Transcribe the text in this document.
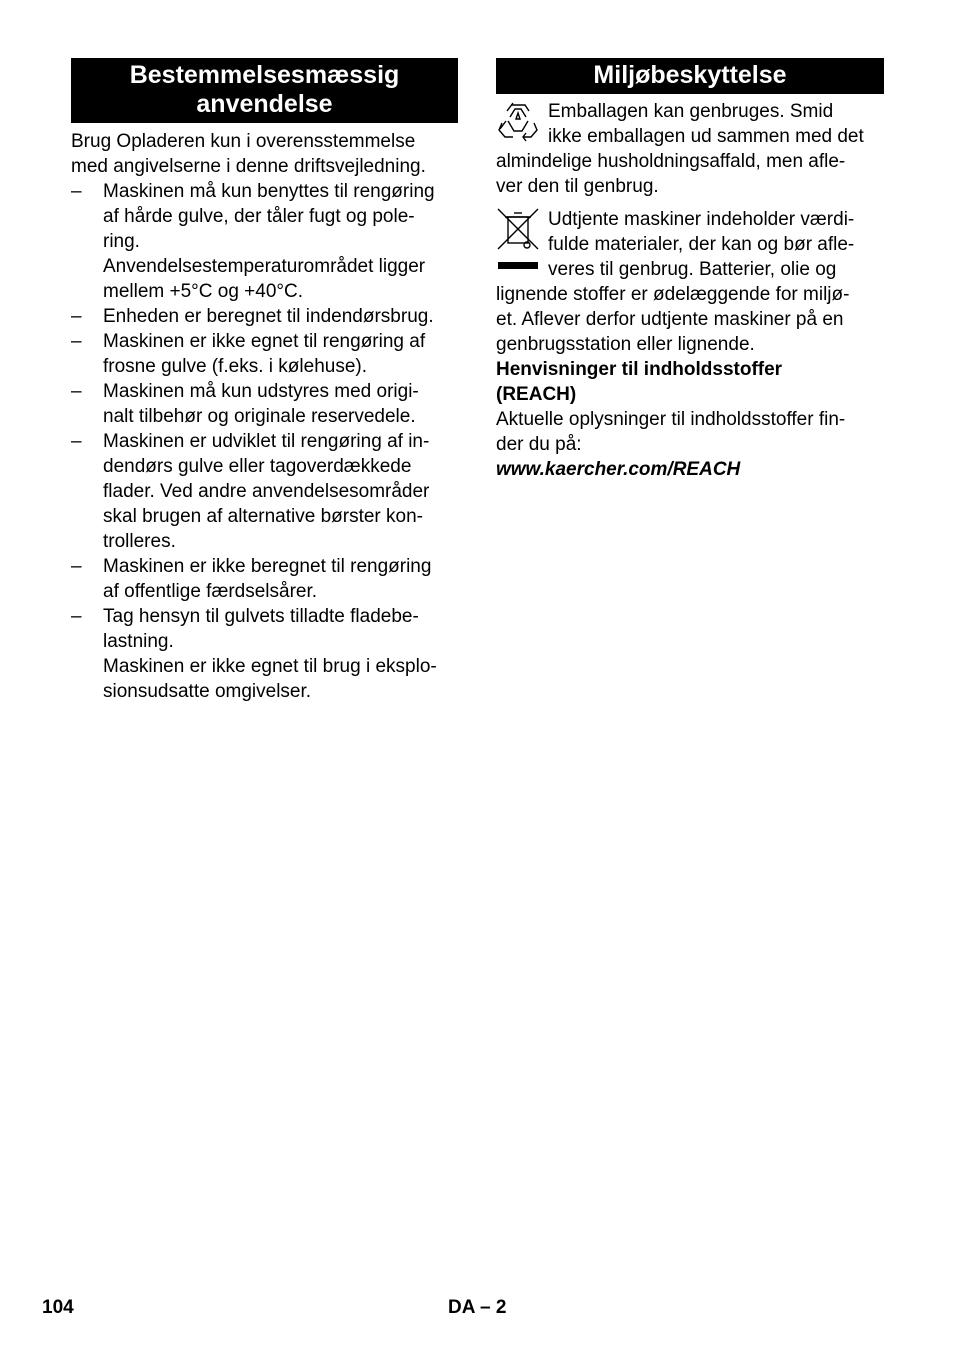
Bestemmelsesmæssig
anvendelse
Brug Opladeren kun i overensstemmelse
med angivelserne i denne driftsvejledning.
– Maskinen må kun benyttes til rengøring
af hårde gulve, der tåler fugt og pole-
ring.
Anvendelsestemperaturområdet ligger
mellem +5°C og +40°C.
– Enheden er beregnet til indendørsbrug.
– Maskinen er ikke egnet til rengøring af
frosne gulve (f.eks. i kølehuse).
– Maskinen må kun udstyres med origi-
nalt tilbehør og originale reservedele.
– Maskinen er udviklet til rengøring af in-
dendørs gulve eller tagoverdækkede
flader. Ved andre anvendelsesområder
skal brugen af alternative børster kon-
trolleres.
– Maskinen er ikke beregnet til rengøring
af offentlige færdselsårer.
– Tag hensyn til gulvets tilladte fladebe-
lastning.
Maskinen er ikke egnet til brug i eksplo-
sionsudsatte omgivelser.
Miljøbeskyttelse
Emballagen kan genbruges. Smid
ikke emballagen ud sammen med det
almindelige husholdningsaffald, men afle-
ver den til genbrug.
Udtjente maskiner indeholder værdi-
fulde materialer, der kan og bør afle-
veres til genbrug. Batterier, olie og
lignende stoffer er ødelæggende for miljø-
et. Aflever derfor udtjente maskiner på en
genbrugsstation eller lignende.
Henvisninger til indholdsstoffer
(REACH)
Aktuelle oplysninger til indholdsstoffer fin-
der du på:
www.kaercher.com/REACH
104	DA – 2
